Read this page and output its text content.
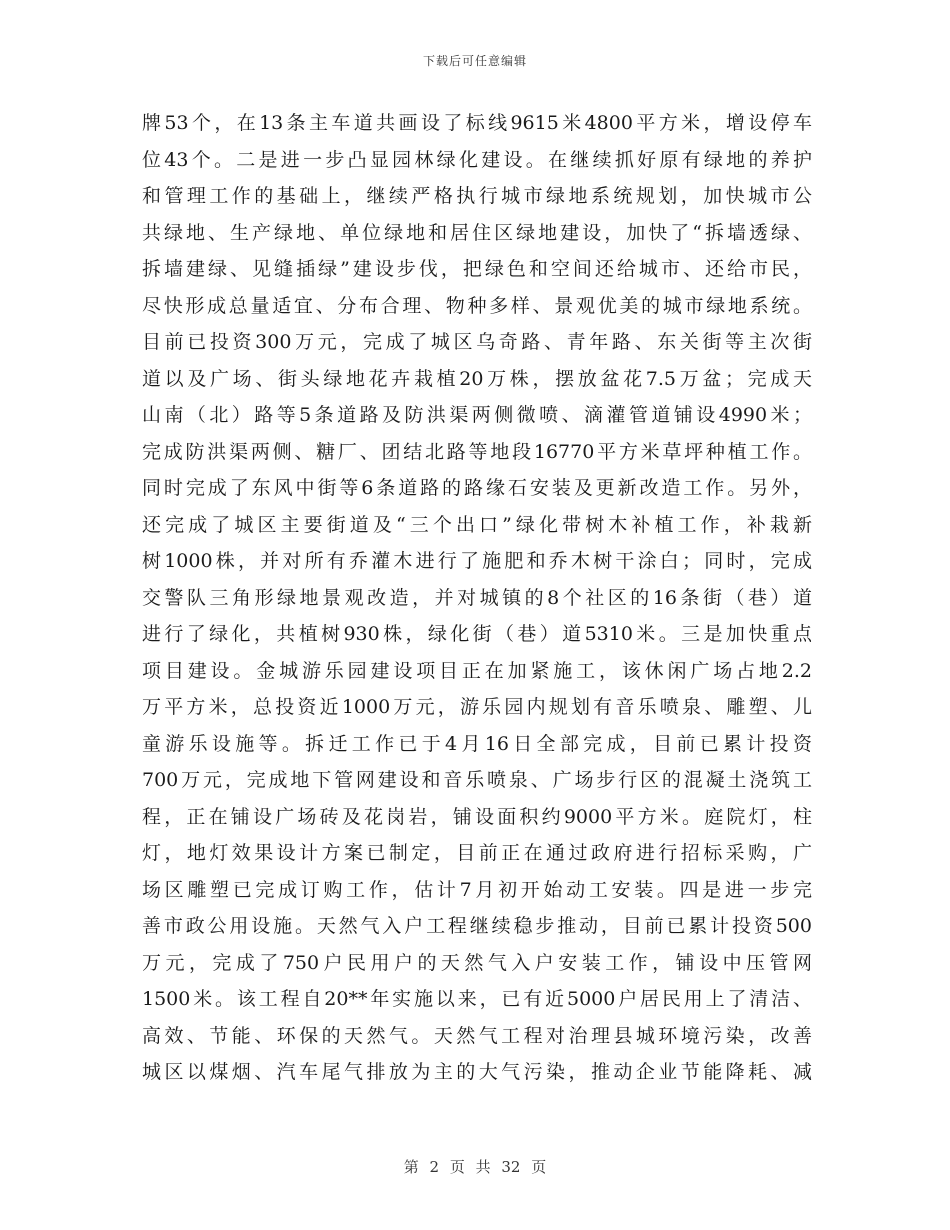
下载后可任意编辑
牌53个，在13条主车道共画设了标线9615米4800平方米，增设停车
位43个。二是进一步凸显园林绿化建设。在继续抓好原有绿地的养护
和管理工作的基础上，继续严格执行城市绿地系统规划，加快城市公
共绿地、生产绿地、单位绿地和居住区绿地建设，加快了“拆墙透绿、
拆墙建绿、见缝插绿”建设步伐，把绿色和空间还给城市、还给市民，
尽快形成总量适宜、分布合理、物种多样、景观优美的城市绿地系统。
目前已投资300万元，完成了城区乌奇路、青年路、东关街等主次街
道以及广场、街头绿地花卉栽植20万株，摆放盆花7.5万盆；完成天
山南（北）路等5条道路及防洪渠两侧微喷、滴灌管道铺设4990米；
完成防洪渠两侧、糖厂、团结北路等地段16770平方米草坪种植工作。
同时完成了东风中街等6条道路的路缘石安装及更新改造工作。另外，
还完成了城区主要街道及“三个出口”绿化带树木补植工作，补栽新
树1000株，并对所有乔灌木进行了施肥和乔木树干涂白；同时，完成
交警队三角形绿地景观改造，并对城镇的8个社区的16条街（巷）道
进行了绿化，共植树930株，绿化街（巷）道5310米。三是加快重点
项目建设。金城游乐园建设项目正在加紧施工，该休闲广场占地2.2
万平方米，总投资近1000万元，游乐园内规划有音乐喷泉、雕塑、儿
童游乐设施等。拆迁工作已于4月16日全部完成，目前已累计投资
700万元，完成地下管网建设和音乐喷泉、广场步行区的混凝土浇筑工
程，正在铺设广场砖及花岗岩，铺设面积约9000平方米。庭院灯，柱
灯，地灯效果设计方案已制定，目前正在通过政府进行招标采购，广
场区雕塑已完成订购工作，估计7月初开始动工安装。四是进一步完
善市政公用设施。天然气入户工程继续稳步推动，目前已累计投资500
万元，完成了750户民用户的天然气入户安装工作，铺设中压管网
1500米。该工程自20**年实施以来，已有近5000户居民用上了清洁、
高效、节能、环保的天然气。天然气工程对治理县城环境污染，改善
城区以煤烟、汽车尾气排放为主的大气污染，推动企业节能降耗、减
第 2 页 共 32 页
